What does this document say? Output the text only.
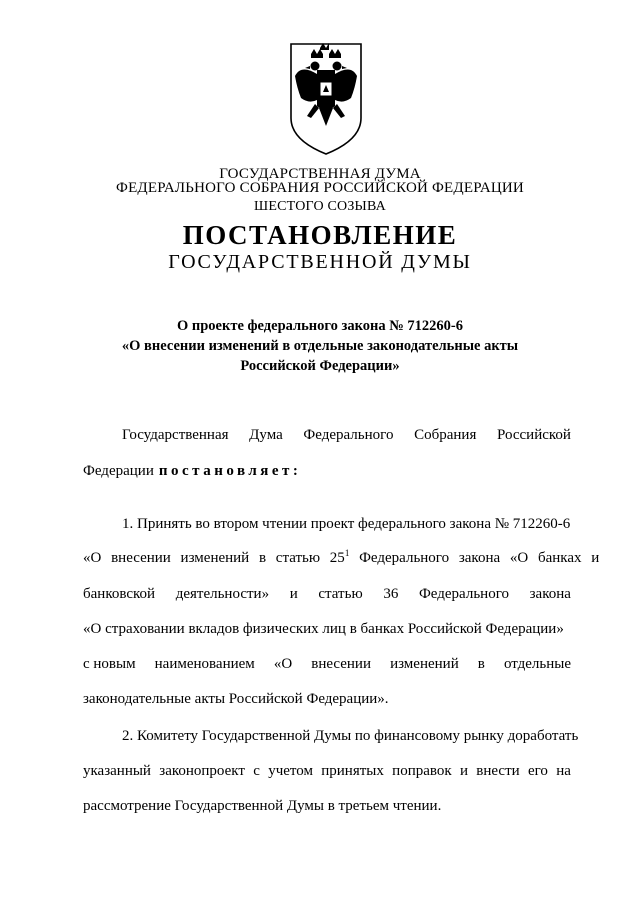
ГОСУДАРСТВЕННАЯ ДУМА
ФЕДЕРАЛЬНОГО СОБРАНИЯ РОССИЙСКОЙ ФЕДЕРАЦИИ
ШЕСТОГО СОЗЫВА
ПОСТАНОВЛЕНИЕ
ГОСУДАРСТВЕННОЙ ДУМЫ
О проекте федерального закона № 712260-6
«О внесении изменений в отдельные законодательные акты
Российской Федерации»
Государственная Дума Федерального Собрания Российской
Федерации постановляет:
1. Принять во втором чтении проект федерального закона № 712260-6
«О внесении изменений в статью $25^1$ Федерального закона «О банках и
банковской деятельности» и статью 36 Федерального закона
«О страховании вкладов физических лиц в банках Российской Федерации»
с новым наименованием «О внесении изменений в отдельные
законодательные акты Российской Федерации».
2. Комитету Государственной Думы по финансовому рынку доработать
указанный законопроект с учетом принятых поправок и внести его на
рассмотрение Государственной Думы в третьем чтении.
